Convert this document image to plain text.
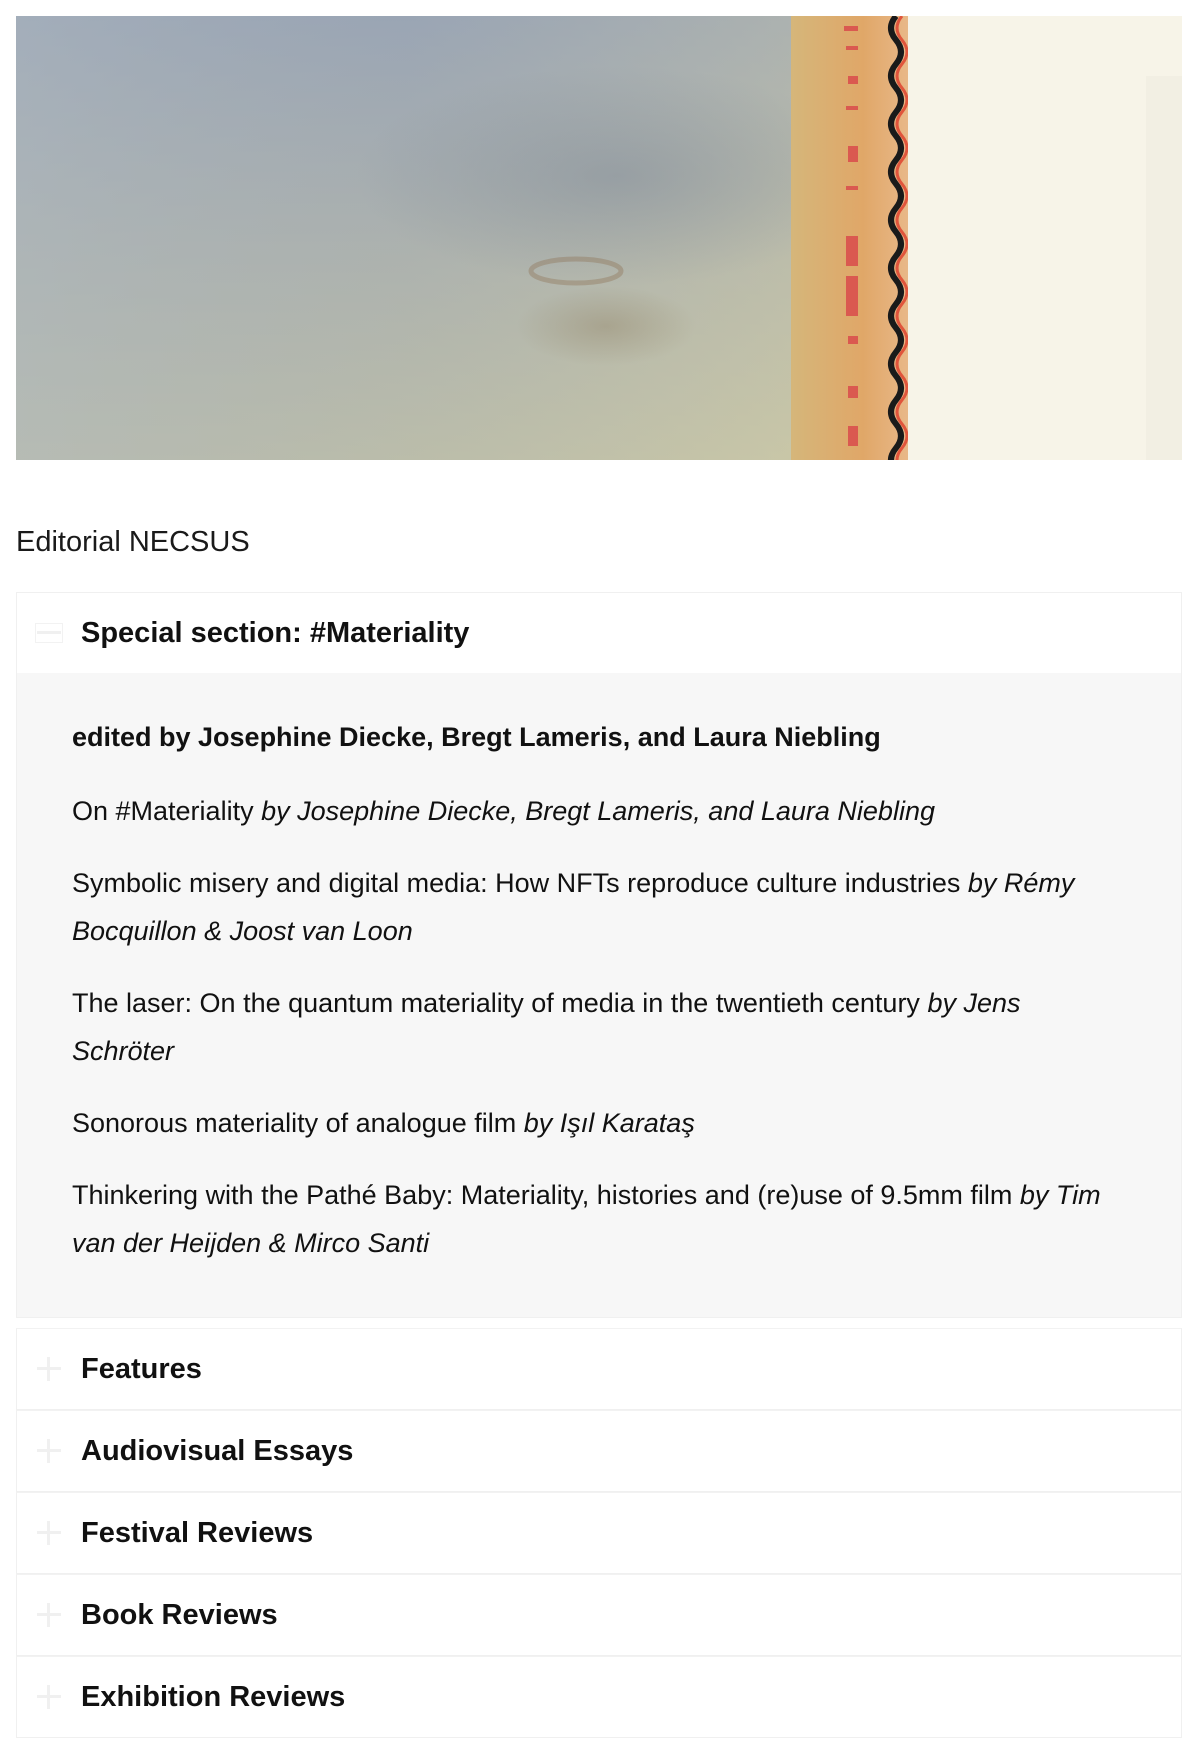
Editorial NECSUS
Special section: #Materiality

edited by Josephine Diecke, Bregt Lameris, and Laura Niebling

On #Materiality by Josephine Diecke, Bregt Lameris, and Laura Niebling

Symbolic misery and digital media: How NFTs reproduce culture industries by Rémy Bocquillon & Joost van Loon

The laser: On the quantum materiality of media in the twentieth century by Jens Schröter

Sonorous materiality of analogue film by Işıl Karataş

Thinkering with the Pathé Baby: Materiality, histories and (re)use of 9.5mm film by Tim van der Heijden & Mirco Santi

Features
Audiovisual Essays
Festival Reviews
Book Reviews
Exhibition Reviews
